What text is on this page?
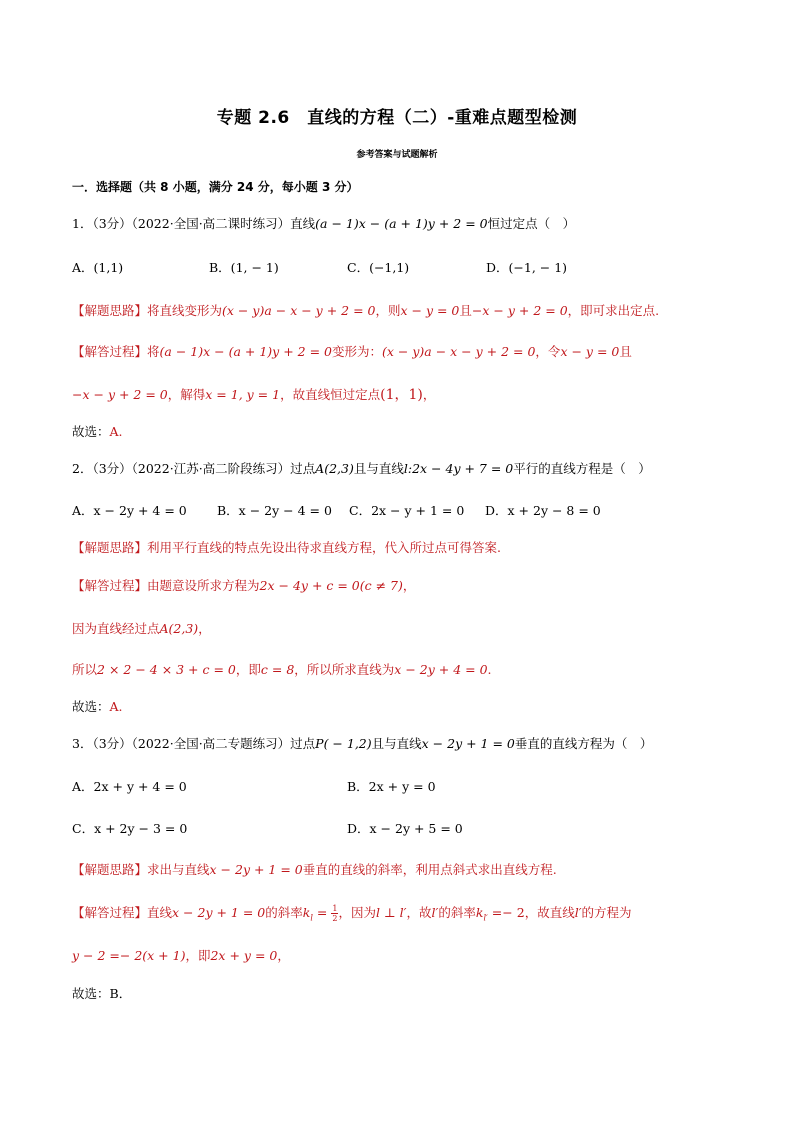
专题 2.6　直线的方程（二）-重难点题型检测
参考答案与试题解析
一．选择题（共 8 小题，满分 24 分，每小题 3 分）
1．（3分）（2022·全国·高二课时练习）直线(a − 1)x − (a + 1)y + 2 = 0恒过定点（　）
A．(1,1)	B．(1, − 1)	C．(−1,1)	D．(−1, − 1)
【解题思路】将直线变形为(x − y)a − x − y + 2 = 0，则x − y = 0且−x − y + 2 = 0，即可求出定点.
【解答过程】将(a − 1)x − (a + 1)y + 2 = 0变形为：(x − y)a − x − y + 2 = 0，令x − y = 0且
−x − y + 2 = 0，解得x = 1, y = 1，故直线恒过定点(1，1)，
故选：A.
2．（3分）（2022·江苏·高二阶段练习）过点A(2,3)且与直线l:2x − 4y + 7 = 0平行的直线方程是（　）
A．x − 2y + 4 = 0 B．x − 2y − 4 = 0 C．2x − y + 1 = 0 D．x + 2y − 8 = 0
【解题思路】利用平行直线的特点先设出待求直线方程，代入所过点可得答案.
【解答过程】由题意设所求方程为2x − 4y + c = 0(c ≠ 7)，
因为直线经过点A(2,3)，
所以2 × 2 − 4 × 3 + c = 0，即c = 8，所以所求直线为x − 2y + 4 = 0.
故选：A.
3．（3分）（2022·全国·高二专题练习）过点P( − 1,2)且与直线x − 2y + 1 = 0垂直的直线方程为（　）
A．2x + y + 4 = 0	B．2x + y = 0
C．x + 2y − 3 = 0	D．x − 2y + 5 = 0
【解题思路】求出与直线x − 2y + 1 = 0垂直的直线的斜率，利用点斜式求出直线方程.
【解答过程】直线x − 2y + 1 = 0的斜率$k_l = \frac{1}{2}$ ，因为l ⊥ l′，故l′的斜率$k_{l'} =- 2$，故直线l′的方程为
y − 2 =− 2(x + 1)，即2x + y = 0，
故选：B．
